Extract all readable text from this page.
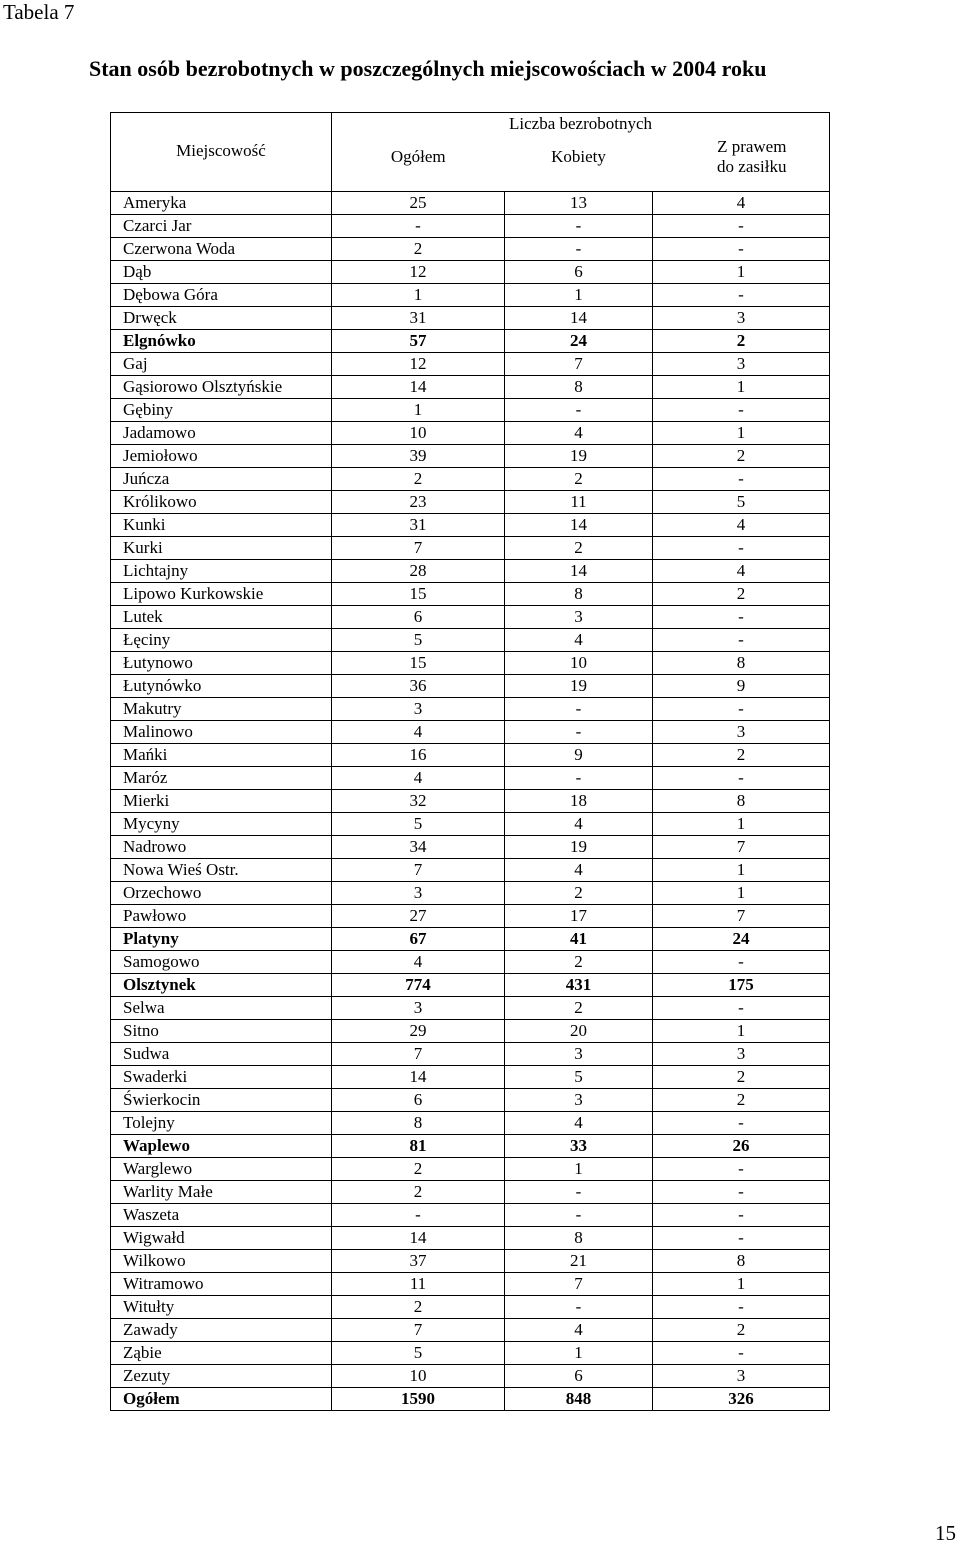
Tabela 7
Stan osób bezrobotnych w poszczególnych miejscowościach w 2004 roku
Miejscowość	Liczba bezrobotnych		
	Ogółem	Kobiety	Z prawem
do zasiłku

Ameryka	25	13	4
Czarci Jar	-	-	-
Czerwona Woda	2	-	-
Dąb	12	6	1
Dębowa Góra	1	1	-
Drwęck	31	14	3
Elgnówko	57	24	2
Gaj	12	7	3
Gąsiorowo Olsztyńskie	14	8	1
Gębiny	1	-	-
Jadamowo	10	4	1
Jemiołowo	39	19	2
Juńcza	2	2	-
Królikowo	23	11	5
Kunki	31	14	4
Kurki	7	2	-
Lichtajny	28	14	4
Lipowo Kurkowskie	15	8	2
Lutek	6	3	-
Łęciny	5	4	-
Łutynowo	15	10	8
Łutynówko	36	19	9
Makutry	3	-	-
Malinowo	4	-	3
Mańki	16	9	2
Maróz	4	-	-
Mierki	32	18	8
Mycyny	5	4	1
Nadrowo	34	19	7
Nowa Wieś Ostr.	7	4	1
Orzechowo	3	2	1
Pawłowo	27	17	7
Platyny	67	41	24
Samogowo	4	2	-
Olsztynek	774	431	175
Selwa	3	2	-
Sitno	29	20	1
Sudwa	7	3	3
Swaderki	14	5	2
Świerkocin	6	3	2
Tolejny	8	4	-
Waplewo	81	33	26
Warglewo	2	1	-
Warlity Małe	2	-	-
Waszeta	-	-	-
Wigwałd	14	8	-
Wilkowo	37	21	8
Witramowo	11	7	1
Witułty	2	-	-
Zawady	7	4	2
Ząbie	5	1	-
Zezuty	10	6	3
Ogółem	1590	848	326
15
